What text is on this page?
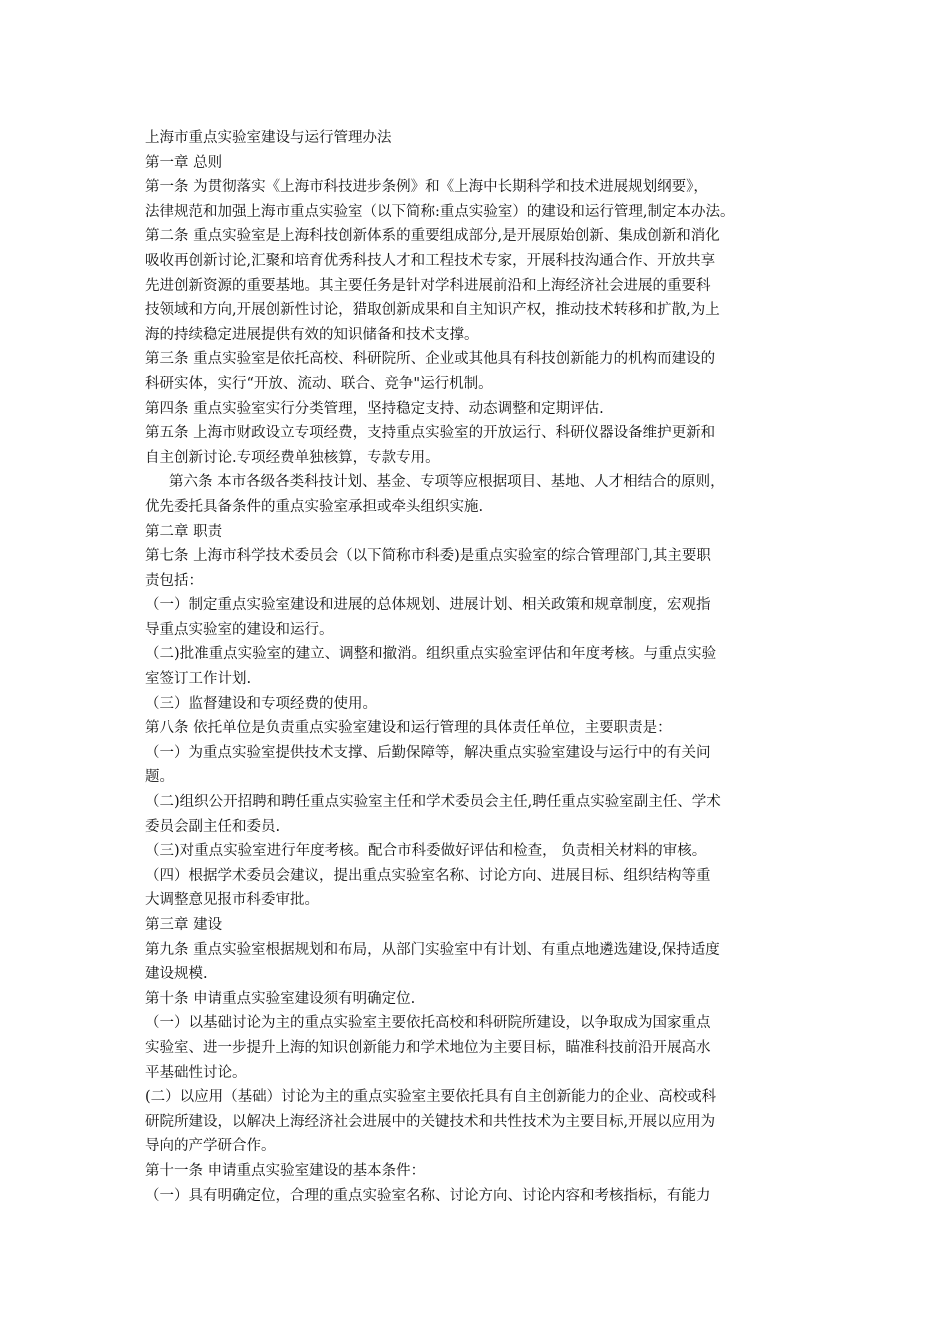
上海市重点实验室建设与运行管理办法
第一章 总则
第一条 为贯彻落实《上海市科技进步条例》和《上海中长期科学和技术进展规划纲要》，
法律规范和加强上海市重点实验室（以下简称:重点实验室）的建设和运行管理,制定本办法。
第二条 重点实验室是上海科技创新体系的重要组成部分,是开展原始创新、集成创新和消化
吸收再创新讨论,汇聚和培育优秀科技人才和工程技术专家，开展科技沟通合作、开放共享
先进创新资源的重要基地。其主要任务是针对学科进展前沿和上海经济社会进展的重要科
技领域和方向,开展创新性讨论，猎取创新成果和自主知识产权，推动技术转移和扩散,为上
海的持续稳定进展提供有效的知识储备和技术支撑。
第三条 重点实验室是依托高校、科研院所、企业或其他具有科技创新能力的机构而建设的
科研实体，实行“开放、流动、联合、竞争"运行机制。
第四条 重点实验室实行分类管理，坚持稳定支持、动态调整和定期评估.
第五条 上海市财政设立专项经费，支持重点实验室的开放运行、科研仪器设备维护更新和
自主创新讨论.专项经费单独核算，专款专用。
第六条 本市各级各类科技计划、基金、专项等应根据项目、基地、人才相结合的原则，
优先委托具备条件的重点实验室承担或牵头组织实施.
第二章 职责
第七条 上海市科学技术委员会（以下简称市科委)是重点实验室的综合管理部门,其主要职
责包括：
（一）制定重点实验室建设和进展的总体规划、进展计划、相关政策和规章制度，宏观指
导重点实验室的建设和运行。
（二)批准重点实验室的建立、调整和撤消。组织重点实验室评估和年度考核。与重点实验
室签订工作计划.
（三）监督建设和专项经费的使用。
第八条 依托单位是负责重点实验室建设和运行管理的具体责任单位，主要职责是：
（一）为重点实验室提供技术支撑、后勤保障等，解决重点实验室建设与运行中的有关问
题。
（二)组织公开招聘和聘任重点实验室主任和学术委员会主任,聘任重点实验室副主任、学术
委员会副主任和委员.
（三)对重点实验室进行年度考核。配合市科委做好评估和检查， 负责相关材料的审核。
（四）根据学术委员会建议，提出重点实验室名称、讨论方向、进展目标、组织结构等重
大调整意见报市科委审批。
第三章 建设
第九条 重点实验室根据规划和布局，从部门实验室中有计划、有重点地遴选建设,保持适度
建设规模.
第十条 申请重点实验室建设须有明确定位.
（一）以基础讨论为主的重点实验室主要依托高校和科研院所建设，以争取成为国家重点
实验室、进一步提升上海的知识创新能力和学术地位为主要目标，瞄准科技前沿开展高水
平基础性讨论。
(二）以应用（基础）讨论为主的重点实验室主要依托具有自主创新能力的企业、高校或科
研院所建设，以解决上海经济社会进展中的关键技术和共性技术为主要目标,开展以应用为
导向的产学研合作。
第十一条 申请重点实验室建设的基本条件：
（一）具有明确定位，合理的重点实验室名称、讨论方向、讨论内容和考核指标，有能力
